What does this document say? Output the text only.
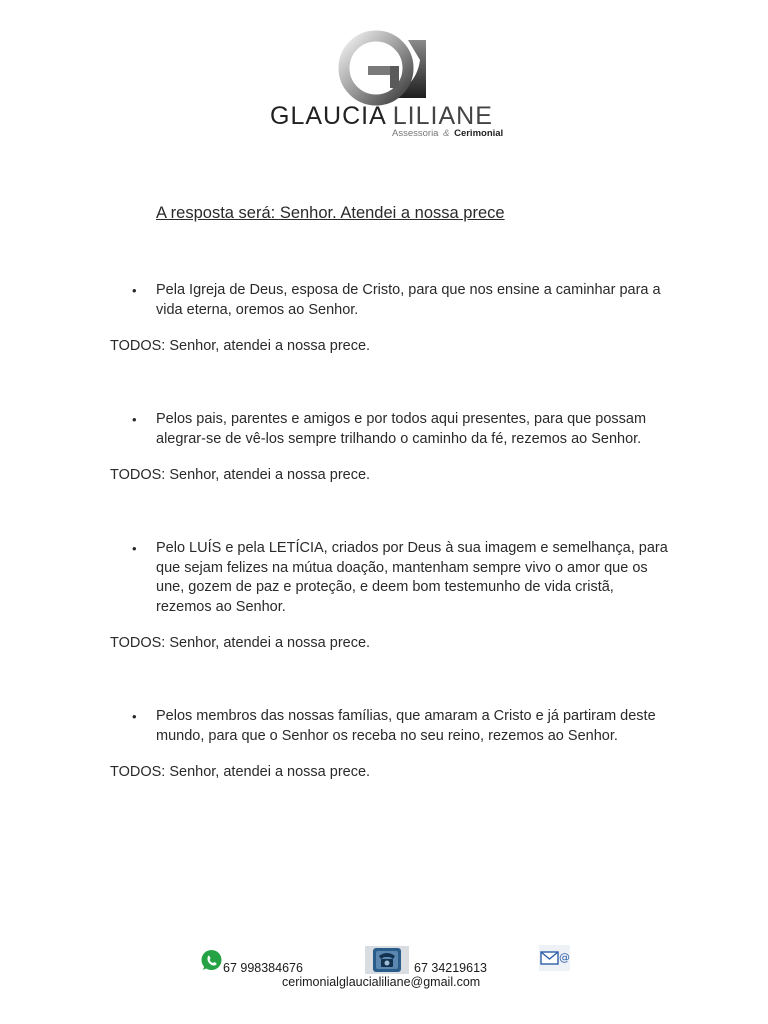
GLAUCIA LILIANE
Assessoria & Cerimonial
A resposta será: Senhor. Atendei a nossa prece
• Pela Igreja de Deus, esposa de Cristo, para que nos ensine a caminhar para a vida eterna, oremos ao Senhor.
TODOS: Senhor, atendei a nossa prece.
• Pelos pais, parentes e amigos e por todos aqui presentes, para que possam alegrar-se de vê-los sempre trilhando o caminho da fé, rezemos ao Senhor.
TODOS: Senhor, atendei a nossa prece.
• Pelo LUÍS e pela LETÍCIA, criados por Deus à sua imagem e semelhança, para que sejam felizes na mútua doação, mantenham sempre vivo o amor que os une, gozem de paz e proteção, e deem bom testemunho de vida cristã, rezemos ao Senhor.
TODOS: Senhor, atendei a nossa prece.
• Pelos membros das nossas famílias, que amaram a Cristo e já partiram deste mundo, para que o Senhor os receba no seu reino, rezemos ao Senhor.
TODOS: Senhor, atendei a nossa prece.
67 998384676	67 34219613
@
cerimonialglaucialiliane@gmail.com
